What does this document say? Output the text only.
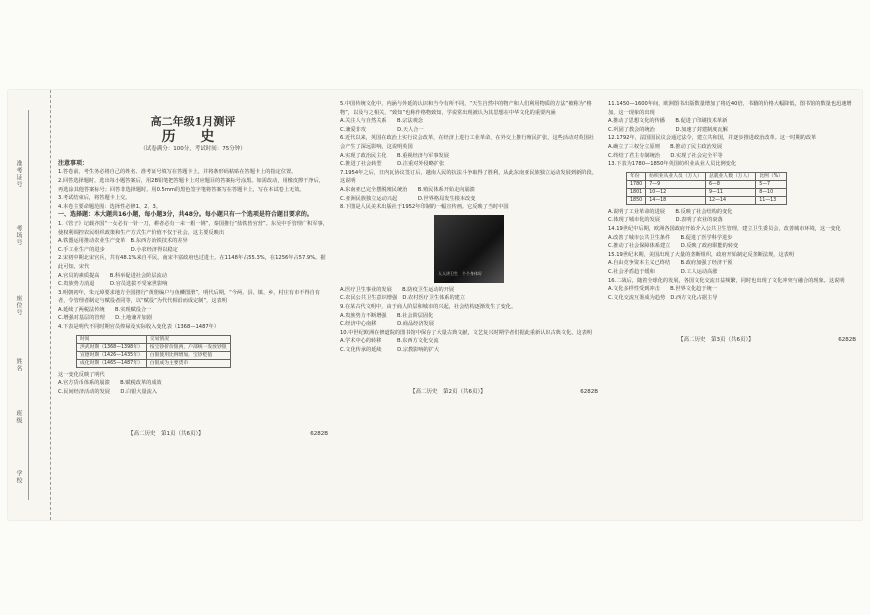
准考证号
考场号
座位号
姓名
班级
学校
高二年级1月测评
历 史
（试卷满分：100分，考试时间：75分钟）
注意事项：

1.答卷前，考生务必将自己的姓名、准考证号填写在答题卡上，并将条形码粘贴在答题卡上的指定位置。

2.回答选择题时，选出每小题答案后，用2B铅笔把答题卡上对应题目的答案标号涂黑。如需改动，用橡皮擦干净后，再选涂其他答案标号；回答非选择题时，用0.5mm的黑色签字笔将答案写在答题卡上，写在本试卷上无效。

3.考试结束后，将答题卡上交。

4.本卷主要命题范围：选择性必修1、2、3。

一、选择题：本大题共16小题，每小题3分，共48分。每小题只有一个选项是符合题目要求的。

1.《管子》记载齐国“一女必有一针一刀，耕者必有一耒一耜一铫”，秦国推行“盐铁皆官营”。东吴中手管理广积军事，使权利调控农民组织政策和生产方式生产价值不仅于社会，这主要反映出

A.铁器运用推动农业生产变革　B.东西方冶铁技术的差异

C.手工业生产的进步　　　　　D.小农经济得以稳定

2.宋初中期北宋官兵，共有48.1%来自平民，南宋丰富政府也过进士，在1148年占55.3%，在1256年占57.9%。据此可知，宋代

A.官员的素质提高　　B.科举促进社会阶层流动

C.贵族势力消退　　　D.官员选拔不受家世影响

3.明朝初年，朱元璋要求地方全国推行“黄册编户与鱼鳞图册”，明代后期，“今两、县、镇、乡，村庄有市不得自有者，令管理者制定与赋役者同等，以“赋役”为代代相沿而成定制”，这表明

A.延续了两税法传统　　B.实现赋役合一

C.增强对基层的管理　　D.土地兼并加剧

4.下表是明代不同时期官员俸禄及实际收入变化表（1368—1487年）

时间	交易情况
洪武时期（1368—1398年）	按宝钞折价银两，户部统一发放钞银
宣德时期（1426—1435年）	白银使用比例增加，宝钞贬值
成化时期（1465—1487年）	白银成为主要货币

这一变化反映了明代

A.官方货币体系的崩溃　　B.赋税改革的成效

C.民间经济活动的发展　　D.白银大量流入

【高二历史　第1页（共6页）】	6282B

5.中国传统文化中，内涵与外延的认识和当今有所不同，“天生自然中的物产和人们利用物质的方法”被称为“格物”，以及与之相关，“致知”也称作格物致知，学说常出现被认为其思想在中华文化的重要内涵

A.关注人与自然关系　　B.宗法观念

C.兼爱非攻　　　　　　D.天人合一

6.近代以来，英国在政治上实行议会改革，在经济上进行工业革命，在外交上推行殖民扩张，这些活动对英国社会产生了深远影响，这说明英国

A.实现了政治民主化　　B.重视经济与军事发展

C.推进了社会转型　　　D.注重对外侵略扩张

7.1954年之后，日内瓦协议签订后，越南人民的抗法斗争取得了胜利，从此东南亚民族独立运动发展到新阶段。这说明

A.东南亚已完全摆脱殖民统治　　B.殖民体系开始走向崩溃

C.亚洲民族独立运动兴起　　　　D.世界格局发生根本改变

8.下图是人民美术出版社于1952年印制的一幅宣传画。它反映了当时中国

人人讲卫生　个个身体好

A.医疗卫生事业的发展　　B.防疫卫生运动的开展

C.农民公共卫生意识增强　D.农村医疗卫生体系的建立

9.在某古代文明中，由于商人阶层和城市的兴起，社会结构逐渐发生了变化。

A.贵族势力不断增强　　B.社会阶层固化

C.经济中心南移　　　　D.商品经济发展

10.中世纪欧洲在修道院的图书馆中保存了大量古典文献，文艺复兴时期学者们据此重新认识古典文化。这表明

A.学术中心的转移　　　B.东西方文化交流

C.文化传承的延续　　　D.宗教影响的扩大

【高二历史　第2页（共6页）】	6282B

11.1450—1600年间，欧洲图书出版数量增加了将近40倍，书籍的价格大幅降低，图书馆的数量也迅速增加，这一现象的出现

A.推动了思想文化的传播　　B.促进了印刷技术革新

C.巩固了教会的统治　　　　D.加速了封建制度瓦解

12.1792年，法国国民议会通过法令，建立共和国，并逐步推进政治改革。这一时期的改革

A.确立了三权分立原则　　B.推动了民主政治发展

C.终结了君主专制统治　　D.实现了社会完全平等

13.下表为1780—1850年英国纺织业从业人员比例变化

年份	纺织业从业人员（万人）	总就业人数（万人）	比例（%）
1780	7—9	6—8	5—7
1801	10—12	9—11	8—10
1850	14—18	12—14	11—13

A.说明了工业革命的进展　　B.反映了社会结构的变化

C.体现了城市化的发展　　　D.表明了农业的衰落

14.19世纪中后期，欧洲各国政府开始介入公共卫生管理，建立卫生委员会，改善城市环境，这一变化

A.改善了城市公共卫生条件　　B.促进了医学科学进步

C.推动了社会保障体系建立　　D.反映了政府职能的转变

15.19世纪末期，美国出现了大量的垄断组织，政府开始制定反垄断法规，这表明

A.自由竞争资本主义已终结　　B.政府加强了经济干预

C.社会矛盾趋于缓和　　　　　D.工人运动高涨

16.二战后，随着全球化的发展，各国文化交流日益频繁，同时也出现了文化冲突与融合的现象。这说明

A.文化多样性受到冲击　　B.世界文化趋于统一

C.文化交流互鉴成为趋势　D.西方文化占据主导

【高二历史　第3页（共6页）】	6282B
